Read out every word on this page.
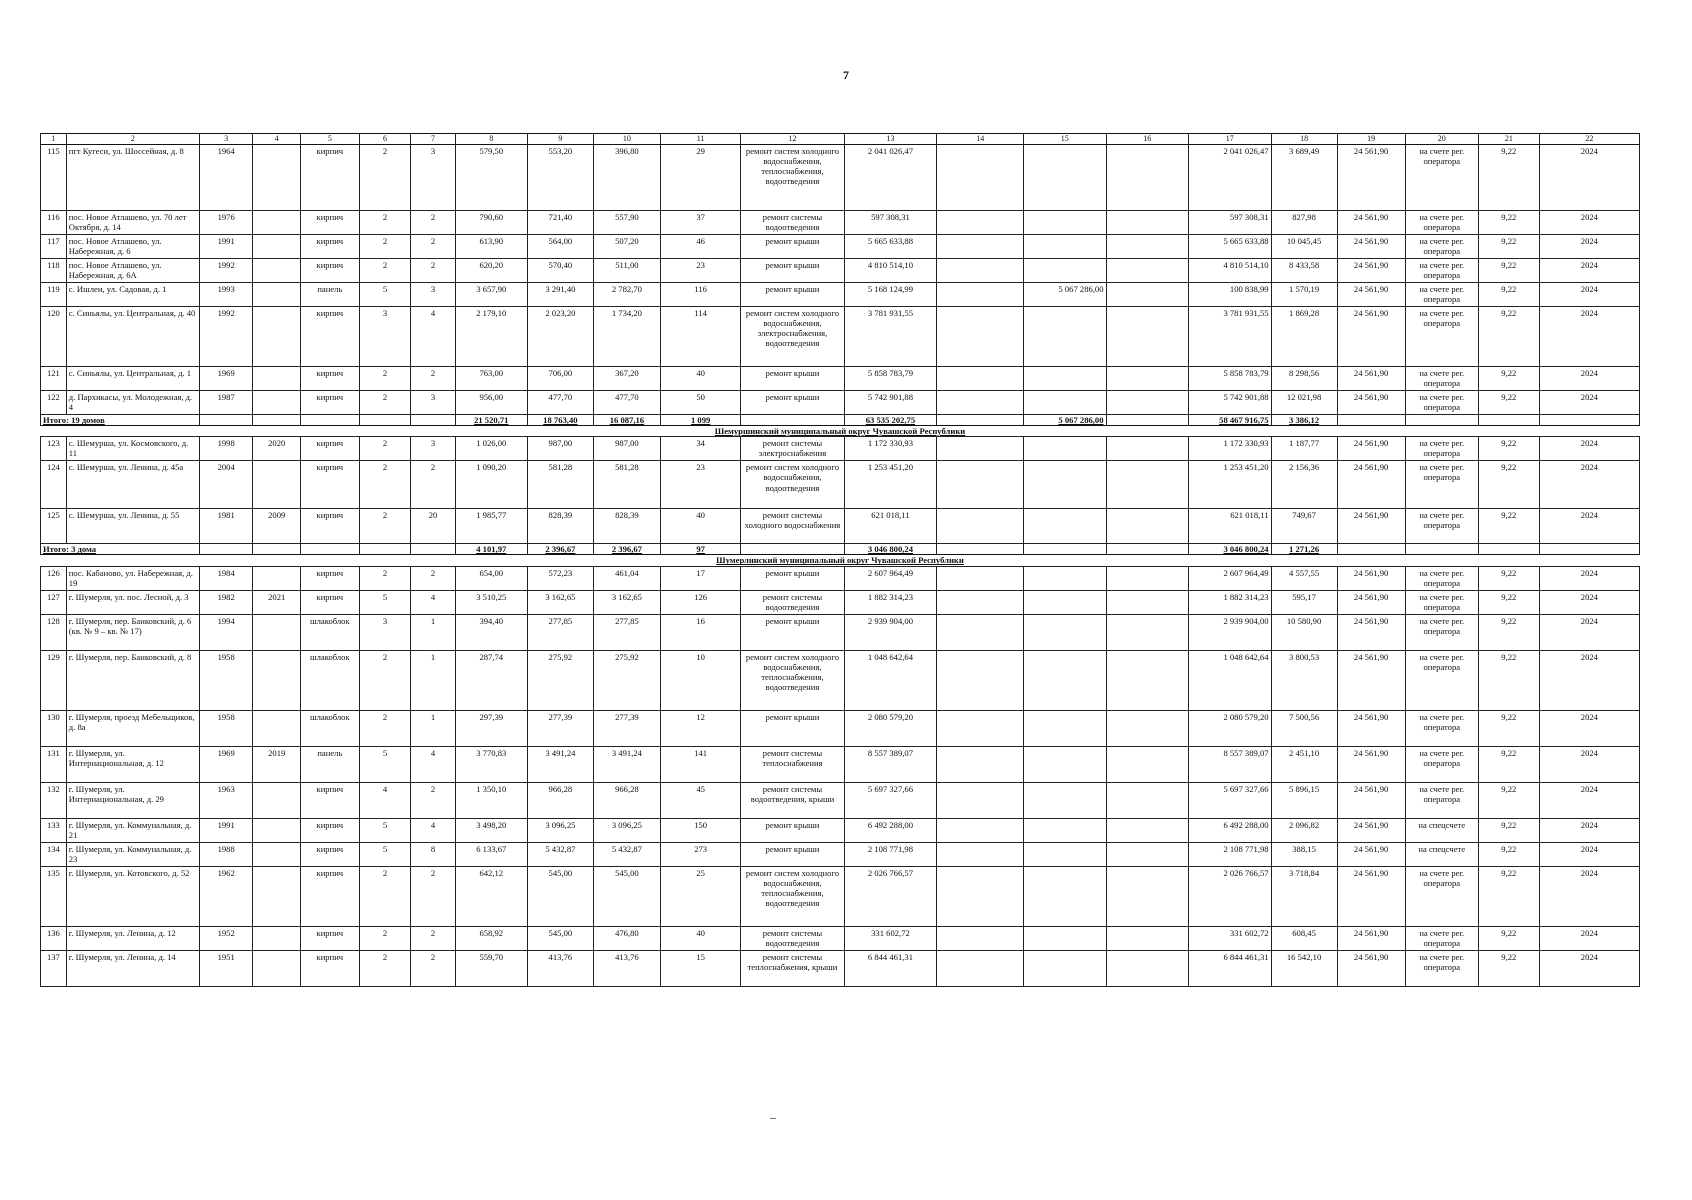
7
1	2	3	4	5	6	7	8	9	10	11	12	13	14	15	16	17	18	19	20	21	22
115	пгт Кугеси, ул. Шоссейная, д. 8	1964		кирпич	2	3	579,50	553,20	396,80	29	ремонт систем холодного водоснабжения, теплоснабжения, водоотведения	2 041 026,47				2 041 026,47	3 689,49	24 561,90	на счете рег. оператора	9,22	2024
116	пос. Новое Атлашево, ул. 70 лет Октября, д. 14	1976		кирпич	2	2	790,60	721,40	557,90	37	ремонт системы водоотведения	597 308,31				597 308,31	827,98	24 561,90	на счете рег. оператора	9,22	2024
117	пос. Новое Атлашево, ул. Набережная, д. 6	1991		кирпич	2	2	613,90	564,00	507,20	46	ремонт крыши	5 665 633,88				5 665 633,88	10 045,45	24 561,90	на счете рег. оператора	9,22	2024
118	пос. Новое Атлашево, ул. Набережная, д. 6А	1992		кирпич	2	2	620,20	570,40	511,00	23	ремонт крыши	4 810 514,10				4 810 514,10	8 433,58	24 561,90	на счете рег. оператора	9,22	2024
119	с. Ишлеи, ул. Садовая, д. 1	1993		панель	5	3	3 657,90	3 291,40	2 782,70	116	ремонт крыши	5 168 124,99		5 067 286,00		100 838,99	1 570,19	24 561,90	на счете рег. оператора	9,22	2024
120	с. Синьялы, ул. Центральная, д. 40	1992		кирпич	3	4	2 179,10	2 023,20	1 734,20	114	ремонт систем холодного водоснабжения, электроснабжения, водоотведения	3 781 931,55				3 781 931,55	1 869,28	24 561,90	на счете рег. оператора	9,22	2024
121	с. Синьялы, ул. Центральная, д. 1	1969		кирпич	2	2	763,00	706,00	367,20	40	ремонт крыши	5 858 783,79				5 858 783,79	8 298,56	24 561,90	на счете рег. оператора	9,22	2024
122	д. Пархикасы, ул. Молодежная, д. 4	1987		кирпич	2	3	956,00	477,70	477,70	50	ремонт крыши	5 742 901,88				5 742 901,88	12 021,98	24 561,90	на счете рег. оператора	9,22	2024
Итого: 19 домов							21 520,71	18 763,40	16 087,16	1 099		63 535 202,75		5 067 286,00		58 467 916,75	3 386,12				
Шемуршинский муниципальный округ Чувашской Республики																					
123	с. Шемурша, ул. Космовского, д. 11	1998	2020	кирпич	2	3	1 026,00	987,00	987,00	34	ремонт системы электроснабжения	1 172 330,93				1 172 330,93	1 187,77	24 561,90	на счете рег. оператора	9,22	2024
124	с. Шемурша, ул. Ленина, д. 45а	2004		кирпич	2	2	1 090,20	581,28	581,28	23	ремонт систем холодного водоснабжения, водоотведения	1 253 451,20				1 253 451,20	2 156,36	24 561,90	на счете рег. оператора	9,22	2024
125	с. Шемурша, ул. Ленина, д. 55	1981	2009	кирпич	2	20	1 985,77	828,39	828,39	40	ремонт системы холодного водоснабжения	621 018,11				621 018,11	749,67	24 561,90	на счете рег. оператора	9,22	2024
Итого: 3 дома							4 101,97	2 396,67	2 396,67	97		3 046 800,24				3 046 800,24	1 271,26				
Шумерлинский муниципальный округ Чувашской Республики																					
126	пос. Кабаново, ул. Набережная, д. 19	1984		кирпич	2	2	654,00	572,23	461,04	17	ремонт крыши	2 607 964,49				2 607 964,49	4 557,55	24 561,90	на счете рег. оператора	9,22	2024
127	г. Шумерля, ул. пос. Лесной, д. 3	1982	2021	кирпич	5	4	3 510,25	3 162,65	3 162,65	126	ремонт системы водоотведения	1 882 314,23				1 882 314,23	595,17	24 561,90	на счете рег. оператора	9,22	2024
128	г. Шумерля, пер. Банковский, д. 6 (кв. № 9 – кв. № 17)	1994		шлакоблок	3	1	394,40	277,85	277,85	16	ремонт крыши	2 939 904,00				2 939 904,00	10 580,90	24 561,90	на счете рег. оператора	9,22	2024
129	г. Шумерля, пер. Банковский, д. 8	1958		шлакоблок	2	1	287,74	275,92	275,92	10	ремонт систем холодного водоснабжения, теплоснабжения, водоотведения	1 048 642,64				1 048 642,64	3 800,53	24 561,90	на счете рег. оператора	9,22	2024
130	г. Шумерля, проезд Мебельщиков, д. 8а	1958		шлакоблок	2	1	297,39	277,39	277,39	12	ремонт крыши	2 080 579,20				2 080 579,20	7 500,56	24 561,90	на счете рег. оператора	9,22	2024
131	г. Шумерля, ул. Интернациональная, д. 12	1969	2019	панель	5	4	3 770,83	3 491,24	3 491,24	141	ремонт системы теплоснабжения	8 557 389,07				8 557 389,07	2 451,10	24 561,90	на счете рег. оператора	9,22	2024
132	г. Шумерля, ул. Интернациональная, д. 29	1963		кирпич	4	2	1 350,10	966,28	966,28	45	ремонт системы водоотведения, крыши	5 697 327,66				5 697 327,66	5 896,15	24 561,90	на счете рег. оператора	9,22	2024
133	г. Шумерля, ул. Коммунальная, д. 21	1991		кирпич	5	4	3 498,20	3 096,25	3 096,25	150	ремонт крыши	6 492 288,00				6 492 288,00	2 096,82	24 561,90	на спецсчете	9,22	2024
134	г. Шумерля, ул. Коммунальная, д. 23	1988		кирпич	5	8	6 133,67	5 432,87	5 432,87	273	ремонт крыши	2 108 771,98				2 108 771,98	388,15	24 561,90	на спецсчете	9,22	2024
135	г. Шумерля, ул. Котовского, д. 52	1962		кирпич	2	2	642,12	545,00	545,00	25	ремонт систем холодного водоснабжения, теплоснабжения, водоотведения	2 026 766,57				2 026 766,57	3 718,84	24 561,90	на счете рег. оператора	9,22	2024
136	г. Шумерля, ул. Ленина, д. 12	1952		кирпич	2	2	658,92	545,00	476,80	40	ремонт системы водоотведения	331 602,72				331 602,72	608,45	24 561,90	на счете рег. оператора	9,22	2024
137	г. Шумерля, ул. Ленина, д. 14	1951		кирпич	2	2	559,70	413,76	413,76	15	ремонт системы теплоснабжения, крыши	6 844 461,31				6 844 461,31	16 542,10	24 561,90	на счете рег. оператора	9,22	2024
